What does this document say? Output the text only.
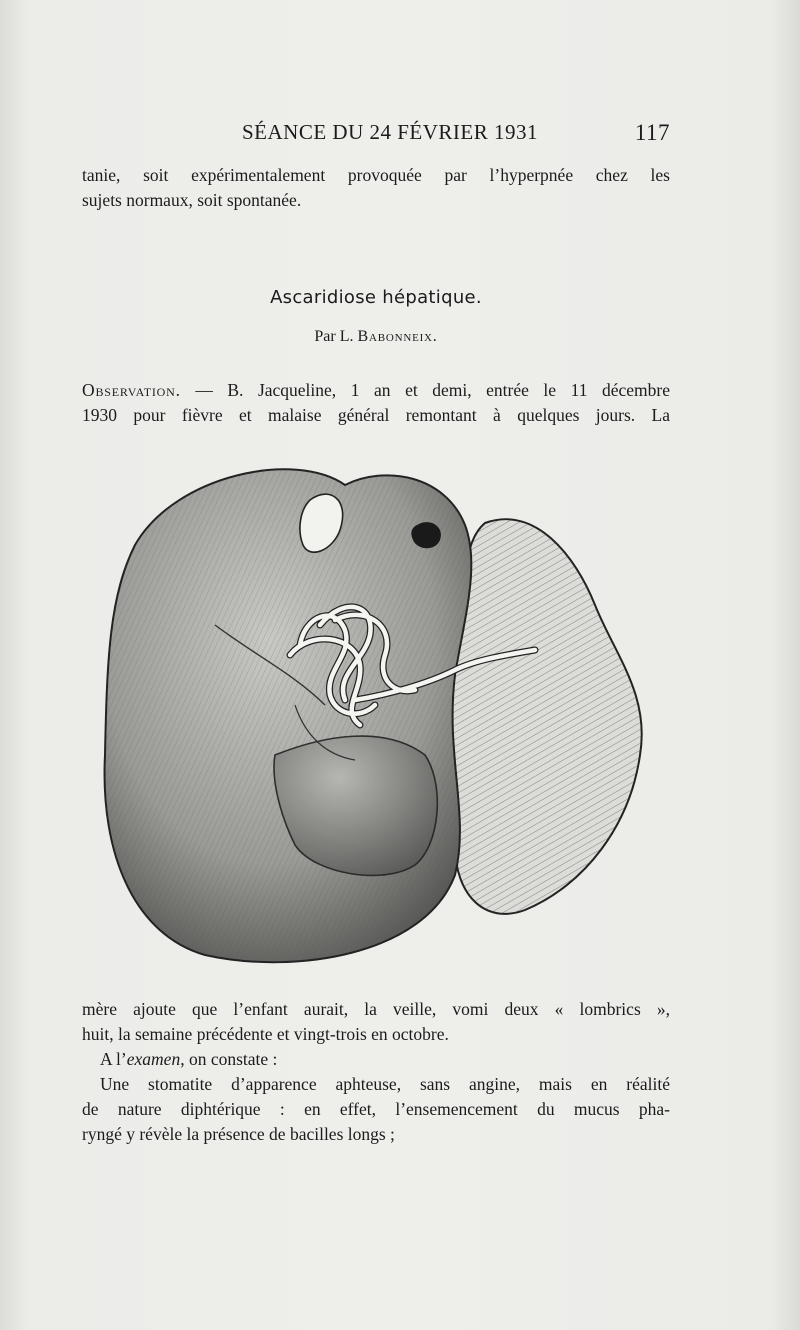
SÉANCE DU 24 FÉVRIER 1931	117
tanie, soit expérimentalement provoquée par l’hyperpnée chez les
sujets normaux, soit spontanée.
Ascaridiose hépatique.
Par L. Babonneix.
Observation. — B. Jacqueline, 1 an et demi, entrée le 11 décembre
1930 pour fièvre et malaise général remontant à quelques jours. La
mère ajoute que l’enfant aurait, la veille, vomi deux « lombrics »,
huit, la semaine précédente et vingt-trois en octobre.
A l’examen, on constate :
Une stomatite d’apparence aphteuse, sans angine, mais en réalité
de nature diphtérique : en effet, l’ensemencement du mucus pha-
ryngé y révèle la présence de bacilles longs ;
